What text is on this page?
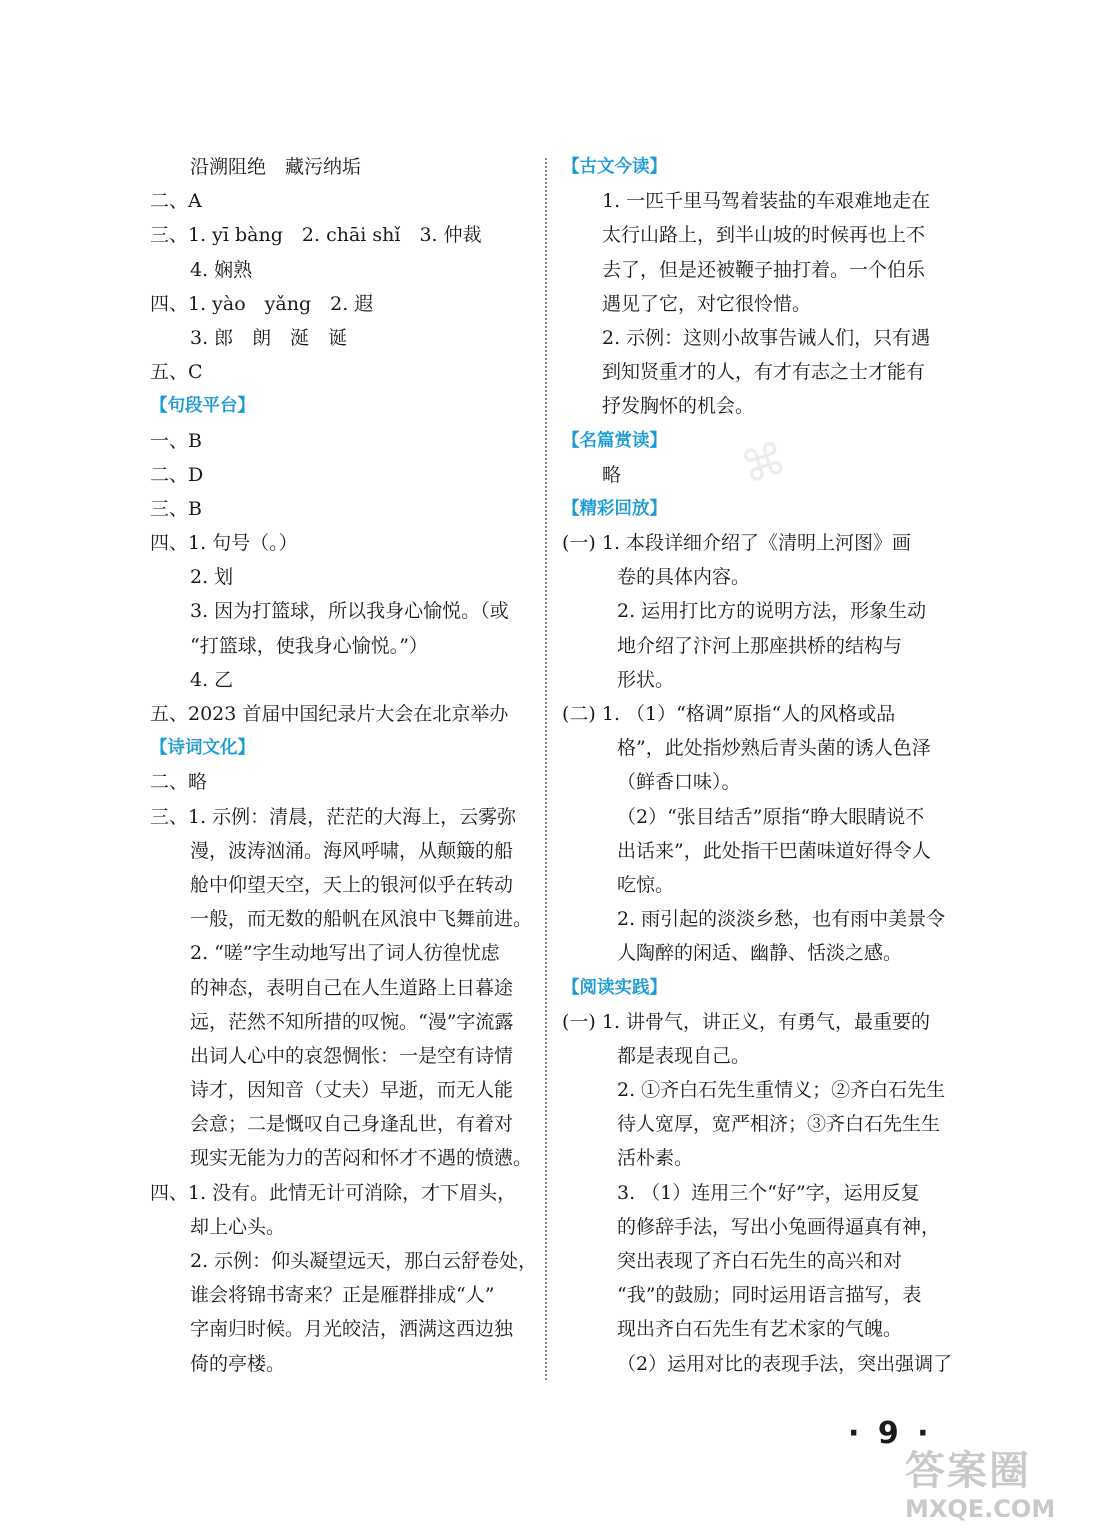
沿溯阻绝　藏污纳垢
二、A
三、1. yī bàng　2. chāi shǐ　3. 仲裁
4. 娴熟
四、1. yào　yǎng　2. 遐
3. 郎　朗　涎　诞
五、C
【句段平台】
一、B
二、D
三、B
四、1. 句号（。）
2. 划
3. 因为打篮球，所以我身心愉悦。（或
“打篮球，使我身心愉悦。”）
4. 乙
五、2023 首届中国纪录片大会在北京举办
【诗词文化】
二、略
三、1. 示例：清晨，茫茫的大海上，云雾弥
漫，波涛汹涌。海风呼啸，从颠簸的船
舱中仰望天空，天上的银河似乎在转动
一般，而无数的船帆在风浪中飞舞前进。
2. “嗟”字生动地写出了词人彷徨忧虑
的神态，表明自己在人生道路上日暮途
远，茫然不知所措的叹惋。“漫”字流露
出词人心中的哀怨惆怅：一是空有诗情
诗才，因知音（丈夫）早逝，而无人能
会意；二是慨叹自己身逢乱世，有着对
现实无能为力的苦闷和怀才不遇的愤懑。
四、1. 没有。此情无计可消除，才下眉头，
却上心头。
2. 示例：仰头凝望远天，那白云舒卷处，
谁会将锦书寄来？正是雁群排成“人”
字南归时候。月光皎洁，洒满这西边独
倚的亭楼。
【古文今读】
1. 一匹千里马驾着装盐的车艰难地走在
太行山路上，到半山坡的时候再也上不
去了，但是还被鞭子抽打着。一个伯乐
遇见了它，对它很怜惜。
2. 示例：这则小故事告诫人们，只有遇
到知贤重才的人，有才有志之士才能有
抒发胸怀的机会。
【名篇赏读】
略
【精彩回放】
(一) 1. 本段详细介绍了《清明上河图》画
卷的具体内容。
2. 运用打比方的说明方法，形象生动
地介绍了汴河上那座拱桥的结构与
形状。
(二) 1. （1）“格调”原指“人的风格或品
格”，此处指炒熟后青头菌的诱人色泽
（鲜香口味）。
（2）“张目结舌”原指“睁大眼睛说不
出话来”，此处指干巴菌味道好得令人
吃惊。
2. 雨引起的淡淡乡愁，也有雨中美景令
人陶醉的闲适、幽静、恬淡之感。
【阅读实践】
(一) 1. 讲骨气，讲正义，有勇气，最重要的
都是表现自己。
2. ①齐白石先生重情义；②齐白石先生
待人宽厚，宽严相济；③齐白石先生生
活朴素。
3. （1）连用三个“好”字，运用反复
的修辞手法，写出小兔画得逼真有神，
突出表现了齐白石先生的高兴和对
“我”的鼓励；同时运用语言描写，表
现出齐白石先生有艺术家的气魄。
（2）运用对比的表现手法，突出强调了
⌘
· 9 ·
答案圈
MXQE.COM
